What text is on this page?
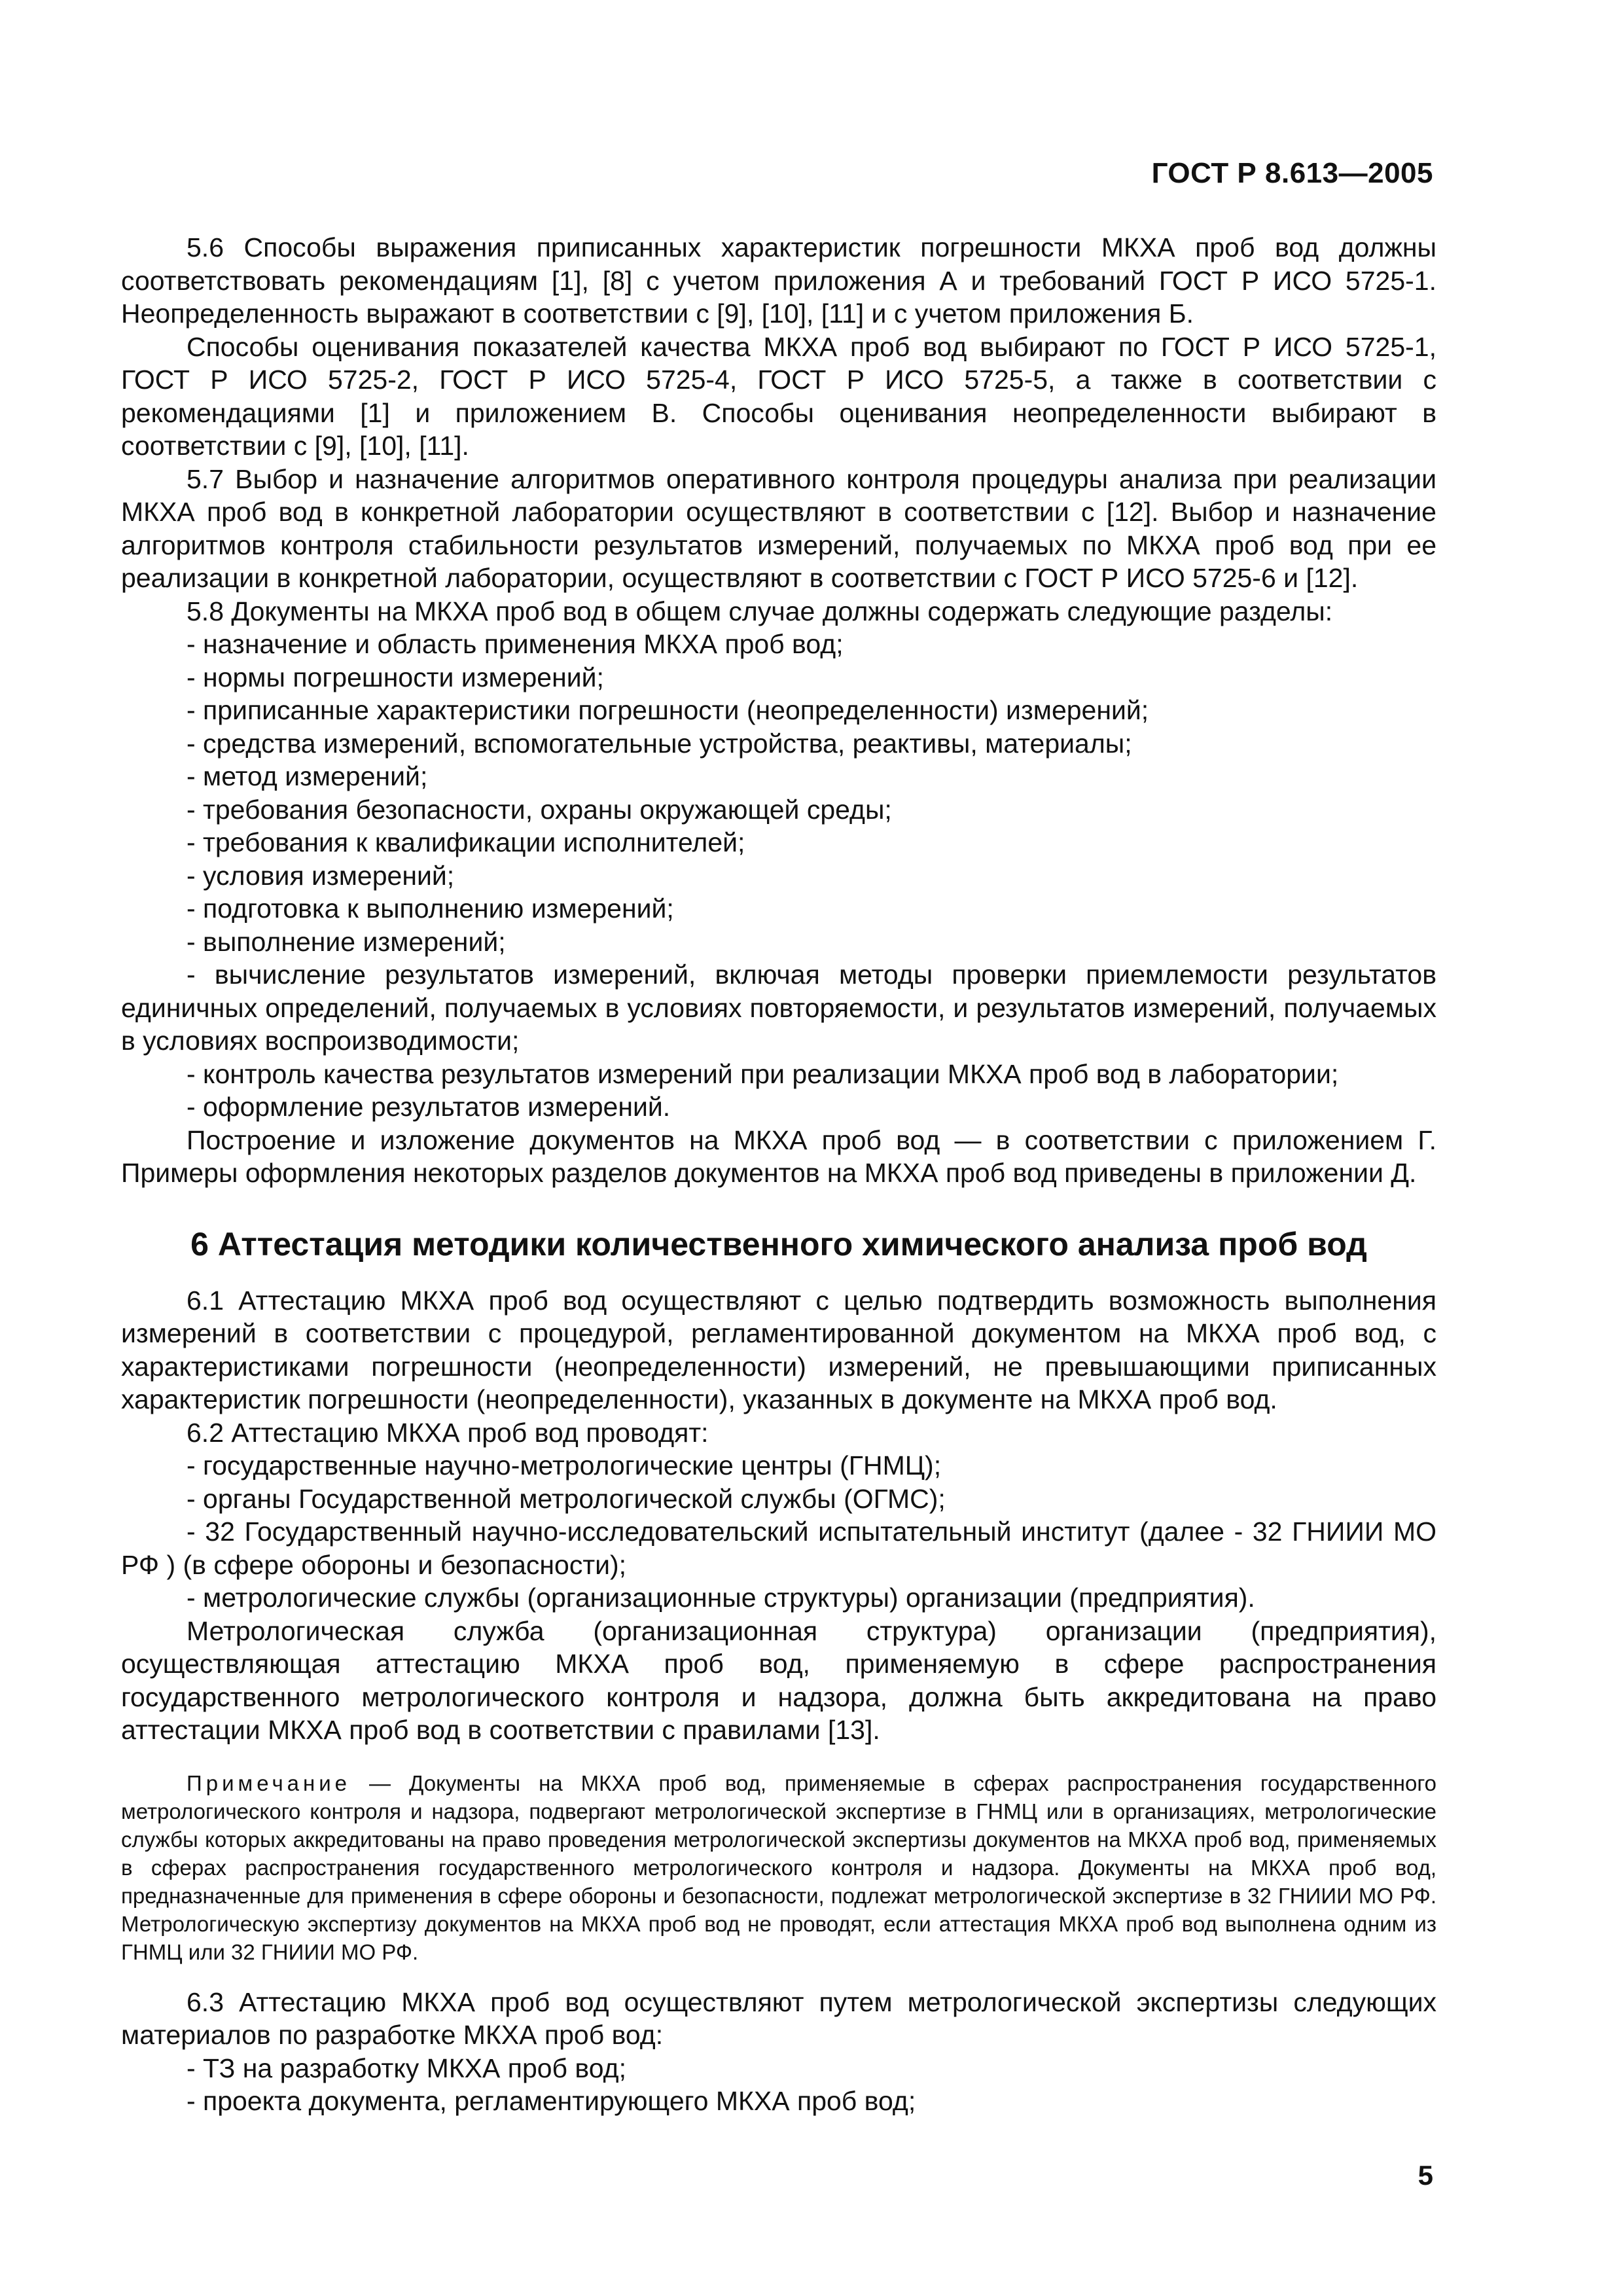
ГОСТ Р 8.613—2005

5.6 Способы выражения приписанных характеристик погрешности МКХА проб вод должны соответствовать рекомендациям [1], [8] с учетом приложения А и требований ГОСТ Р ИСО 5725-1. Неопределенность выражают в соответствии с [9], [10], [11] и с учетом приложения Б.

Способы оценивания показателей качества МКХА проб вод выбирают по ГОСТ Р ИСО 5725-1, ГОСТ Р ИСО 5725-2, ГОСТ Р ИСО 5725-4, ГОСТ Р ИСО 5725-5, а также в соответствии с рекомендациями [1] и приложением В. Способы оценивания неопределенности выбирают в соответствии с [9], [10], [11].

5.7 Выбор и назначение алгоритмов оперативного контроля процедуры анализа при реализации МКХА проб вод в конкретной лаборатории осуществляют в соответствии с [12]. Выбор и назначение алгоритмов контроля стабильности результатов измерений, получаемых по МКХА проб вод при ее реализации в конкретной лаборатории, осуществляют в соответствии с ГОСТ Р ИСО 5725-6 и [12].

5.8 Документы на МКХА проб вод в общем случае должны содержать следующие разделы:

- назначение и область применения МКХА проб вод;
- нормы погрешности измерений;
- приписанные характеристики погрешности (неопределенности) измерений;
- средства измерений, вспомогательные устройства, реактивы, материалы;
- метод измерений;
- требования безопасности, охраны окружающей среды;
- требования к квалификации исполнителей;
- условия измерений;
- подготовка к выполнению измерений;
- выполнение измерений;

- вычисление результатов измерений, включая методы проверки приемлемости результатов единичных определений, получаемых в условиях повторяемости, и результатов измерений, получаемых в условиях воспроизводимости;

- контроль качества результатов измерений при реализации МКХА проб вод в лаборатории;
- оформление результатов измерений.

Построение и изложение документов на МКХА проб вод — в соответствии с приложением Г. Примеры оформления некоторых разделов документов на МКХА проб вод приведены в приложении Д.

6 Аттестация методики количественного химического анализа проб вод

6.1 Аттестацию МКХА проб вод осуществляют с целью подтвердить возможность выполнения измерений в соответствии с процедурой, регламентированной документом на МКХА проб вод, с характеристиками погрешности (неопределенности) измерений, не превышающими приписанных характеристик погрешности (неопределенности), указанных в документе на МКХА проб вод.

6.2 Аттестацию МКХА проб вод проводят:

- государственные научно-метрологические центры (ГНМЦ);
- органы Государственной метрологической службы (ОГМС);

- 32 Государственный научно-исследовательский испытательный институт (далее - 32 ГНИИИ МО РФ ) (в сфере обороны и безопасности);

- метрологические службы (организационные структуры) организации (предприятия).

Метрологическая служба (организационная структура) организации (предприятия), осуществляющая аттестацию МКХА проб вод, применяемую в сфере распространения государственного метрологического контроля и надзора, должна быть аккредитована на право аттестации МКХА проб вод в соответствии с правилами [13].

Примечание — Документы на МКХА проб вод, применяемые в сферах распространения государственного метрологического контроля и надзора, подвергают метрологической экспертизе в ГНМЦ или в организациях, метрологические службы которых аккредитованы на право проведения метрологической экспертизы документов на МКХА проб вод, применяемых в сферах распространения государственного метрологического контроля и надзора. Документы на МКХА проб вод, предназначенные для применения в сфере обороны и безопасности, подлежат метрологической экспертизе в 32 ГНИИИ МО РФ. Метрологическую экспертизу документов на МКХА проб вод не проводят, если аттестация МКХА проб вод выполнена одним из ГНМЦ или 32 ГНИИИ МО РФ.

6.3 Аттестацию МКХА проб вод осуществляют путем метрологической экспертизы следующих материалов по разработке МКХА проб вод:

- ТЗ на разработку МКХА проб вод;
- проекта документа, регламентирующего МКХА проб вод;
5
